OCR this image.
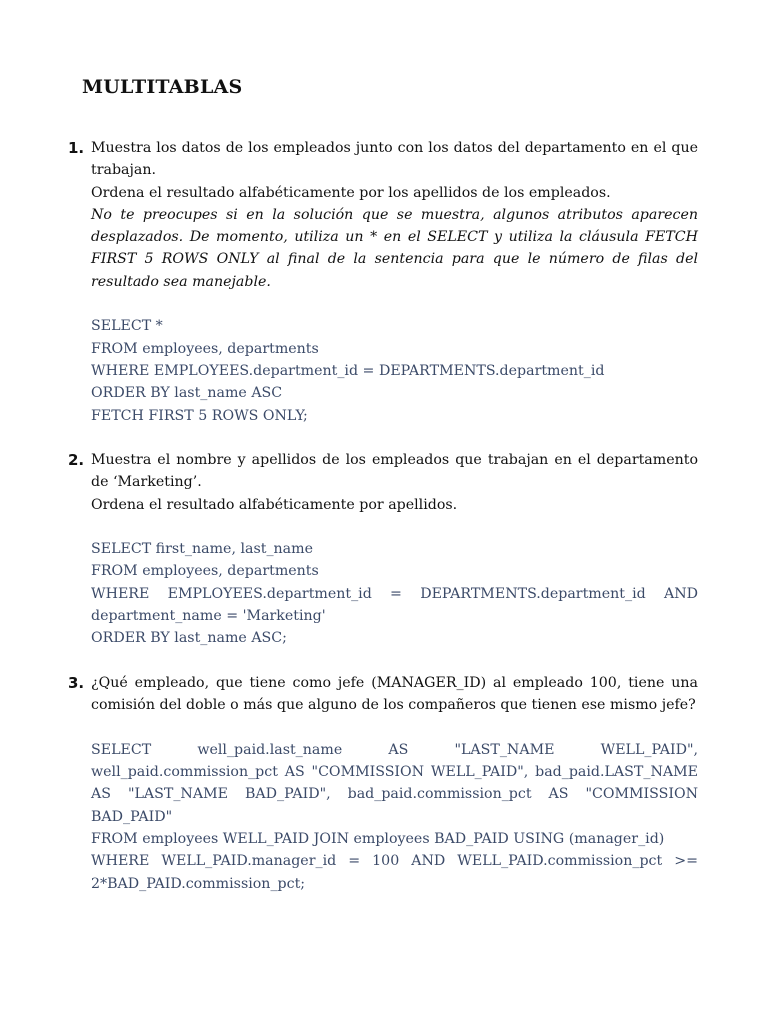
MULTITABLAS
1. Muestra los datos de los empleados junto con los datos del departamento en el que trabajan.

Ordena el resultado alfabéticamente por los apellidos de los empleados.

No te preocupes si en la solución que se muestra, algunos atributos aparecen desplazados. De momento, utiliza un * en el SELECT y utiliza la cláusula FETCH FIRST 5 ROWS ONLY al final de la sentencia para que le número de filas del resultado sea manejable.

SELECT *
FROM employees, departments
WHERE EMPLOYEES.department_id = DEPARTMENTS.department_id
ORDER BY last_name ASC
FETCH FIRST 5 ROWS ONLY;
2. Muestra el nombre y apellidos de los empleados que trabajan en el departamento de ‘Marketing’.

Ordena el resultado alfabéticamente por apellidos.

SELECT first_name, last_name
FROM employees, departments
WHERE EMPLOYEES.department_id = DEPARTMENTS.department_id AND department_name = 'Marketing'
ORDER BY last_name ASC;
3. ¿Qué empleado, que tiene como jefe (MANAGER_ID) al empleado 100, tiene una comisión del doble o más que alguno de los compañeros que tienen ese mismo jefe?

SELECT well_paid.last_name AS "LAST_NAME WELL_PAID", well_paid.commission_pct AS "COMMISSION WELL_PAID", bad_paid.LAST_NAME AS "LAST_NAME BAD_PAID", bad_paid.commission_pct AS "COMMISSION BAD_PAID"
FROM employees WELL_PAID JOIN employees BAD_PAID USING (manager_id)
WHERE WELL_PAID.manager_id = 100 AND WELL_PAID.commission_pct >= 2*BAD_PAID.commission_pct;
